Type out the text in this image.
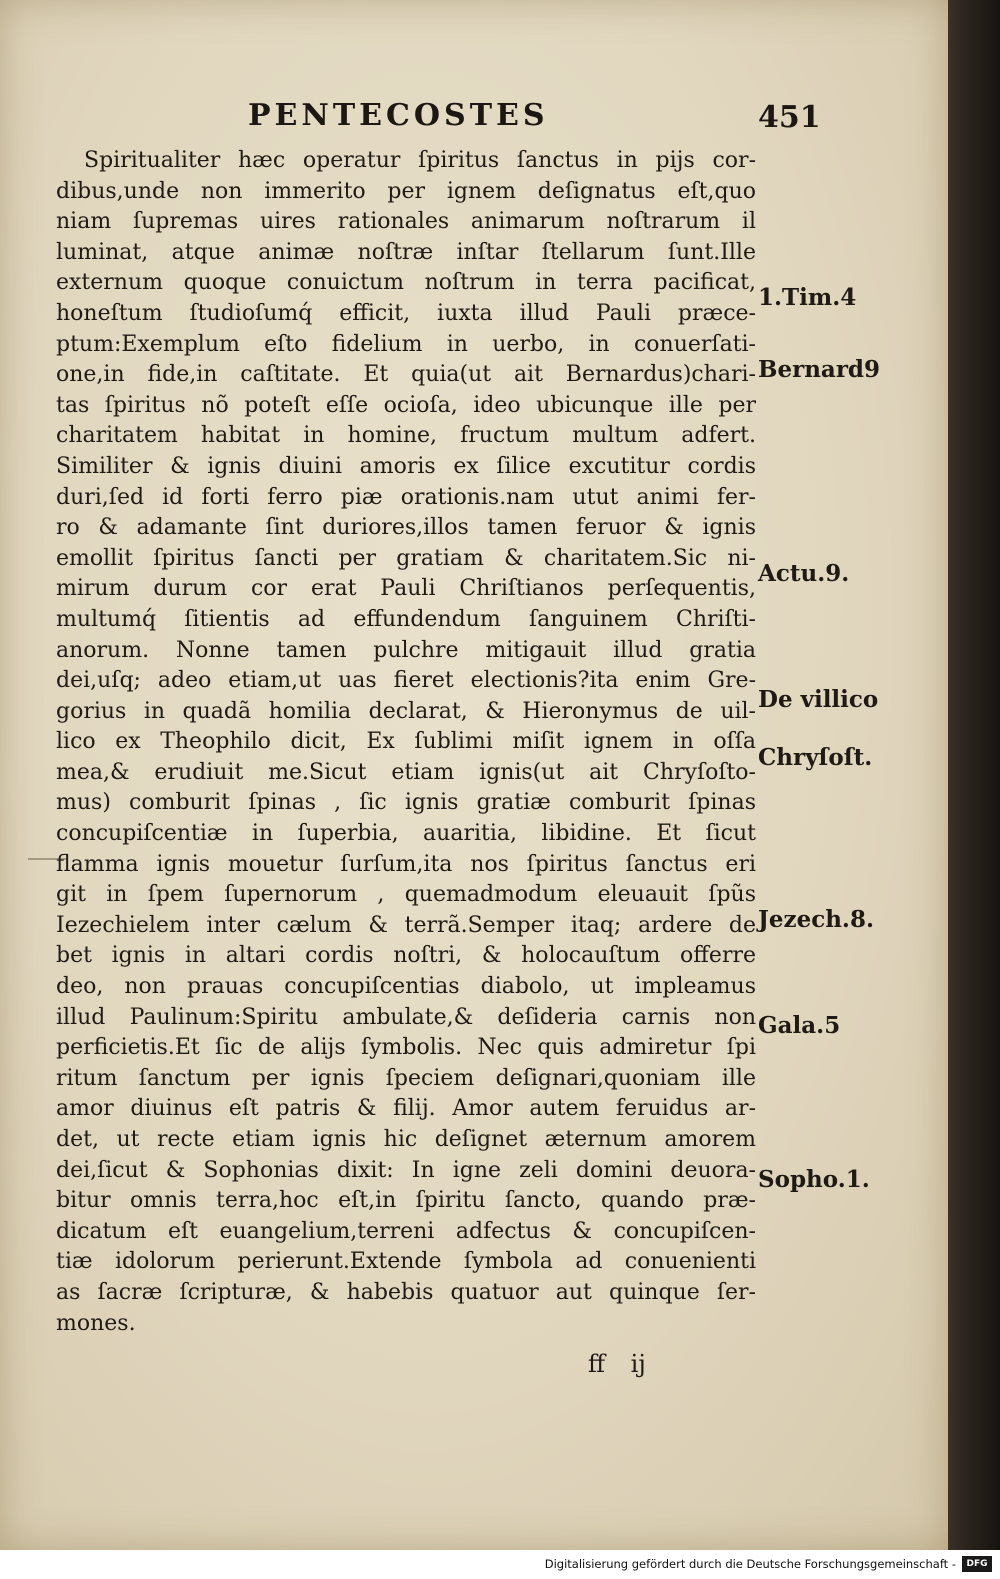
PENTECOSTES	451
Spiritualiter hæc operatur ſpiritus ſanctus in pijs cor-
dibus,unde non immerito per ignem deſignatus eſt,quo
niam ſupremas uires rationales animarum noſtrarum il
luminat, atque animæ noſtræ inſtar ſtellarum ſunt.Ille
externum quoque conuictum noſtrum in terra pacificat,
honeſtum ſtudioſumq́ efficit, iuxta illud Pauli præce-
ptum:Exemplum eſto fidelium in uerbo, in conuerſati-
one,in fide,in caſtitate. Et quia(ut ait Bernardus)chari-
tas ſpiritus nõ poteſt eſſe ocioſa, ideo ubicunque ille per
charitatem habitat in homine, fructum multum adfert.
Similiter & ignis diuini amoris ex ſilice excutitur cordis
duri,ſed id forti ferro piæ orationis.nam utut animi fer-
ro & adamante ſint duriores,illos tamen feruor & ignis
emollit ſpiritus ſancti per gratiam & charitatem.Sic ni-
mirum durum cor erat Pauli Chriſtianos perſequentis,
multumq́ ſitientis ad effundendum ſanguinem Chriſti-
anorum. Nonne tamen pulchre mitigauit illud gratia
dei,uſq; adeo etiam,ut uas fieret electionis?ita enim Gre-
gorius in quadã homilia declarat, & Hieronymus de uil-
lico ex Theophilo dicit, Ex ſublimi miſit ignem in oſſa
mea,& erudiuit me.Sicut etiam ignis(ut ait Chryſoſto-
mus) comburit ſpinas , ſic ignis gratiæ comburit ſpinas
concupiſcentiæ in ſuperbia, auaritia, libidine. Et ſicut
flamma ignis mouetur ſurſum,ita nos ſpiritus ſanctus eri
git in ſpem ſupernorum , quemadmodum eleuauit ſpũs
Iezechielem inter cælum & terrã.Semper itaq; ardere de
bet ignis in altari cordis noſtri, & holocauſtum offerre
deo, non prauas concupiſcentias diabolo, ut impleamus
illud Paulinum:Spiritu ambulate,& deſideria carnis non
perficietis.Et ſic de alijs ſymbolis. Nec quis admiretur ſpi
ritum ſanctum per ignis ſpeciem deſignari,quoniam ille
amor diuinus eſt patris & filij. Amor autem feruidus ar-
det, ut recte etiam ignis hic deſignet æternum amorem
dei,ſicut & Sophonias dixit: In igne zeli domini deuora-
bitur omnis terra,hoc eſt,in ſpiritu ſancto, quando præ-
dicatum eſt euangelium,terreni adfectus & concupiſcen-
tiæ idolorum perierunt.Extende ſymbola ad conuenienti
as ſacræ ſcripturæ, & habebis quatuor aut quinque ſer-
mones.
1.Tim.4
Bernard9
Actu.9.
De villico
Chryſoſt.
Jezech.8.
Gala.5
Sopho.1.
ff ij
Digitalisierung gefördert durch die Deutsche Forschungsgemeinschaft -	DFG
